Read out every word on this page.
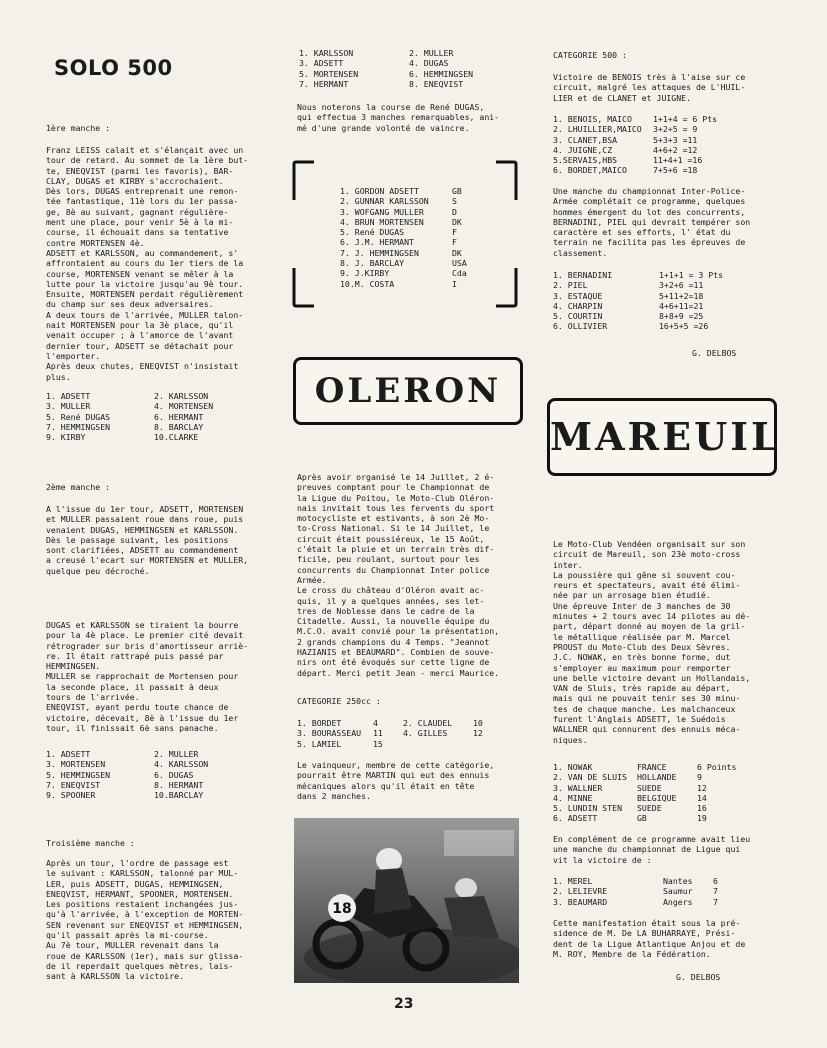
SOLO 500

1ère manche :

Franz LEISS calait et s'élançait avec un
tour de retard. Au sommet de la 1ère but-
te, ENEQVIST (parmi les favoris), BAR-
CLAY, DUGAS et KIRBY s'accrochaient.
Dès lors, DUGAS entreprenait une remon-
tée fantastique, 11è lors du 1er passa-
ge, 8è au suivant, gagnant régulière-
ment une place, pour venir 5è à la mi-
course, il échouait dans sa tentative
contre MORTENSEN 4è.
ADSETT et KARLSSON, au commandement, s'
affrontaient au cours du 1er tiers de la
course, MORTENSEN venant se mêler à la
lutte pour la victoire jusqu'au 9è tour.
Ensuite, MORTENSEN perdait régulièrement
du champ sur ses deux adversaires.
A deux tours de l'arrivée, MULLER talon-
nait MORTENSEN pour la 3è place, qu'il
venait occuper ; à l'amorce de l'avant
dernier tour, ADSETT se détachait pour
l'emporter.
Après deux chutes, ENEQVIST n'insistait
plus.

1. ADSETT	2. KARLSSON
3. MULLER	4. MORTENSEN
5. René DUGAS	6. HERMANT
7. HEMMINGSEN	8. BARCLAY
9. KIRBY	10.CLARKE

2ème manche :

A l'issue du 1er tour, ADSETT, MORTENSEN
et MULLER passaient roue dans roue, puis
venaient DUGAS, HEMMINGSEN et KARLSSON.
Dès le passage suivant, les positions
sont clarifiées, ADSETT au commandement
a creusé l'ecart sur MORTENSEN et MULLER,
quelque peu décroché.

DUGAS et KARLSSON se tiraient la bourre
pour la 4è place. Le premier cité devait
rétrograder sur bris d'amortisseur arriè-
re. Il était rattrapé puis passé par
HEMMINGSEN.
MULLER se rapprochait de Mortensen pour
la seconde place, il passait à deux
tours de l'arrivée.
ENEQVIST, ayant perdu toute chance de
victoire, décevait, 8è à l'issue du 1er
tour, il finissait 6è sans panache.

1. ADSETT	2. MULLER
3. MORTENSEN	4. KARLSSON
5. HEMMINGSEN	6. DUGAS
7. ENEQVIST	8. HERMANT
9. SPOONER	10.BARCLAY

Troisième manche :

Après un tour, l'ordre de passage est
le suivant : KARLSSON, talonné par MUL-
LER, puis ADSETT, DUGAS, HEMMINGSEN,
ENEQVIST, HERMANT, SPOONER, MORTENSEN.
Les positions restaient inchangées jus-
qu'à l'arrivée, à l'exception de MORTEN-
SEN revenant sur ENEQVIST et HEMMINGSEN,
qu'il passait après la mi-course.
Au 7è tour, MULLER revenait dans la
roue de KARLSSON (1er), mais sur glissa-
de il reperdait quelques mètres, lais-
sant à KARLSSON la victoire.

1. KARLSSON	2. MULLER
3. ADSETT	4. DUGAS
5. MORTENSEN	6. HEMMINGSEN
7. HERMANT	8. ENEQVIST

Nous noterons la course de René DUGAS,
qui effectua 3 manches remarquables, ani-
mé d'une grande volonté de vaincre.

1. GORDON ADSETT	GB
2. GUNNAR KARLSSON	S
3. WOFGANG MULLER	D
4. BRUN MORTENSEN	DK
5. René DUGAS	F
6. J.M. HERMANT	F
7. J. HEMMINGSEN	DK
8. J. BARCLAY	USA
9. J.KIRBY	Cda
10.M. COSTA	I
OLERON

Après avoir organisé le 14 Juillet, 2 é-
preuves comptant pour le Championnat de
la Ligue du Poitou, le Moto-Club Oléron-
nais invitait tous les fervents du sport
motocycliste et estivants, à son 2è Mo-
to-Cross National. Si le 14 Juillet, le
circuit était poussiéreux, le 15 Août,
c'était la pluie et un terrain très dif-
ficile, peu roulant, surtout pour les
concurrents du Championnat Inter police
Armée.
Le cross du château d'Oléron avait ac-
quis, il y a quelques années, ses let-
tres de Noblesse dans le cadre de la
Citadelle. Aussi, la nouvelle équipe du
M.C.O. avait convié pour la présentation,
2 grands champions du 4 Temps. "Jeannot
HAZIANIS et BEAUMARD". Combien de souve-
nirs ont été évoqués sur cette ligne de
départ. Merci petit Jean - merci Maurice.

CATEGORIE 250cc :

1. BORDET	4	2. CLAUDEL	10
3. BOURASSEAU	11	4. GILLES	12
5. LAMIEL	15		

Le vainqueur, membre de cette catégorie,
pourrait être MARTIN qui eut des ennuis
mécaniques alors qu'il était en tête
dans 2 manches.

18

CATEGORIE 500 :

Victoire de BENOIS très à l'aise sur ce
circuit, malgré les attaques de L'HUIL-
LIER et de CLANET et JUIGNE.

1. BENOIS, MAICO	1+1+4 = 6 Pts
2. LHUILLIER,MAICO	3+2+5 = 9
3. CLANET,BSA	5+3+3 =11
4. JUIGNE,CZ	4+6+2 =12
5.SERVAIS,HBS	11+4+1 =16
6. BORDET,MAICO	7+5+6 =18

Une manche du championnat Inter-Police-
Armée complétait ce programme, quelques
hommes émergent du lot des concurrents,
BERNADINI, PIEL qui devrait tempérer son
caractère et ses efforts, l' état du
terrain ne facilita pas les épreuves de
classement.

1. BERNADINI	1+1+1 = 3 Pts
2. PIEL	3+2+6 =11
3. ESTAQUE	5+11+2=18
4. CHARPIN	4+6+11=21
5. COURTIN	8+8+9 =25
6. OLLIVIER	16+5+5 =26

G. DELBOS

MAREUIL

Le Moto-Club Vendéen organisait sur son
circuit de Mareuil, son 23è moto-cross
inter.
La poussière qui gêne si souvent cou-
reurs et spectateurs, avait été élimi-
née par un arrosage bien étudié.
Une épreuve Inter de 3 manches de 30
minutes + 2 tours avec 14 pilotes au dé-
part, départ donné au moyen de la gril-
le métallique réalisée par M. Marcel
PROUST du Moto-Club des Deux Sèvres.
J.C. NOWAK, en très bonne forme, dut
s'employer au maximum pour remporter
une belle victoire devant un Hollandais,
VAN de Sluis, très rapide au départ,
mais qui ne pouvait tenir ses 30 minu-
tes de chaque manche. Les malchanceux
furent l'Anglais ADSETT, le Suédois
WALLNER qui connurent des ennuis méca-
niques.

1. NOWAK	FRANCE	6 Points
2. VAN DE SLUIS	HOLLANDE	9
3. WALLNER	SUEDE	12
4. MINNE	BELGIQUE	14
5. LUNDIN STEN	SUEDE	16
6. ADSETT	GB	19

En complément de ce programme avait lieu
une manche du championnat de Ligue qui
vit la victoire de :

1. MEREL	Nantes	6
2. LELIEVRE	Saumur	7
3. BEAUMARD	Angers	7

Cette manifestation était sous la pré-
sidence de M. De LA BUHARRAYE, Prési-
dent de la Ligue Atlantique Anjou et de
M. ROY, Membre de la Fédération.

G. DELBOS

23
